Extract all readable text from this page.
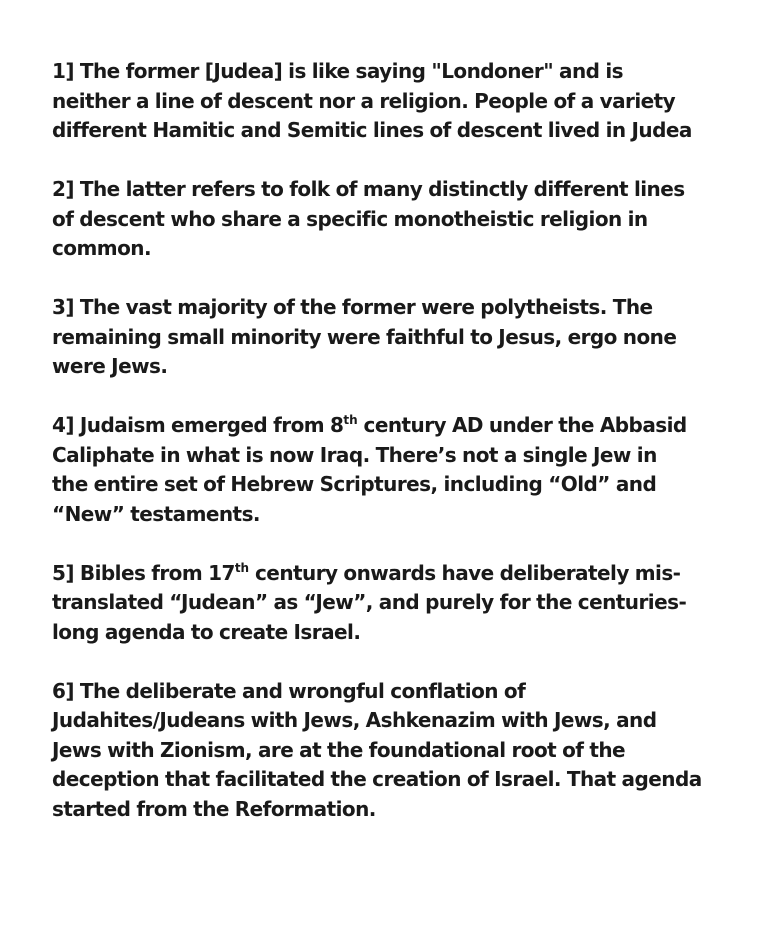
1] The former [Judea] is like saying "Londoner" and is
neither a line of descent nor a religion. People of a variety
different Hamitic and Semitic lines of descent lived in Judea

2] The latter refers to folk of many distinctly different lines
of descent who share a specific monotheistic religion in
common.

3] The vast majority of the former were polytheists. The
remaining small minority were faithful to Jesus, ergo none
were Jews.

4] Judaism emerged from 8th century AD under the Abbasid
Caliphate in what is now Iraq. There’s not a single Jew in
the entire set of Hebrew Scriptures, including “Old” and
“New” testaments.

5] Bibles from 17th century onwards have deliberately mis-
translated “Judean” as “Jew”, and purely for the centuries-
long agenda to create Israel.

6] The deliberate and wrongful conflation of
Judahites/Judeans with Jews, Ashkenazim with Jews, and
Jews with Zionism, are at the foundational root of the
deception that facilitated the creation of Israel. That agenda
started from the Reformation.
